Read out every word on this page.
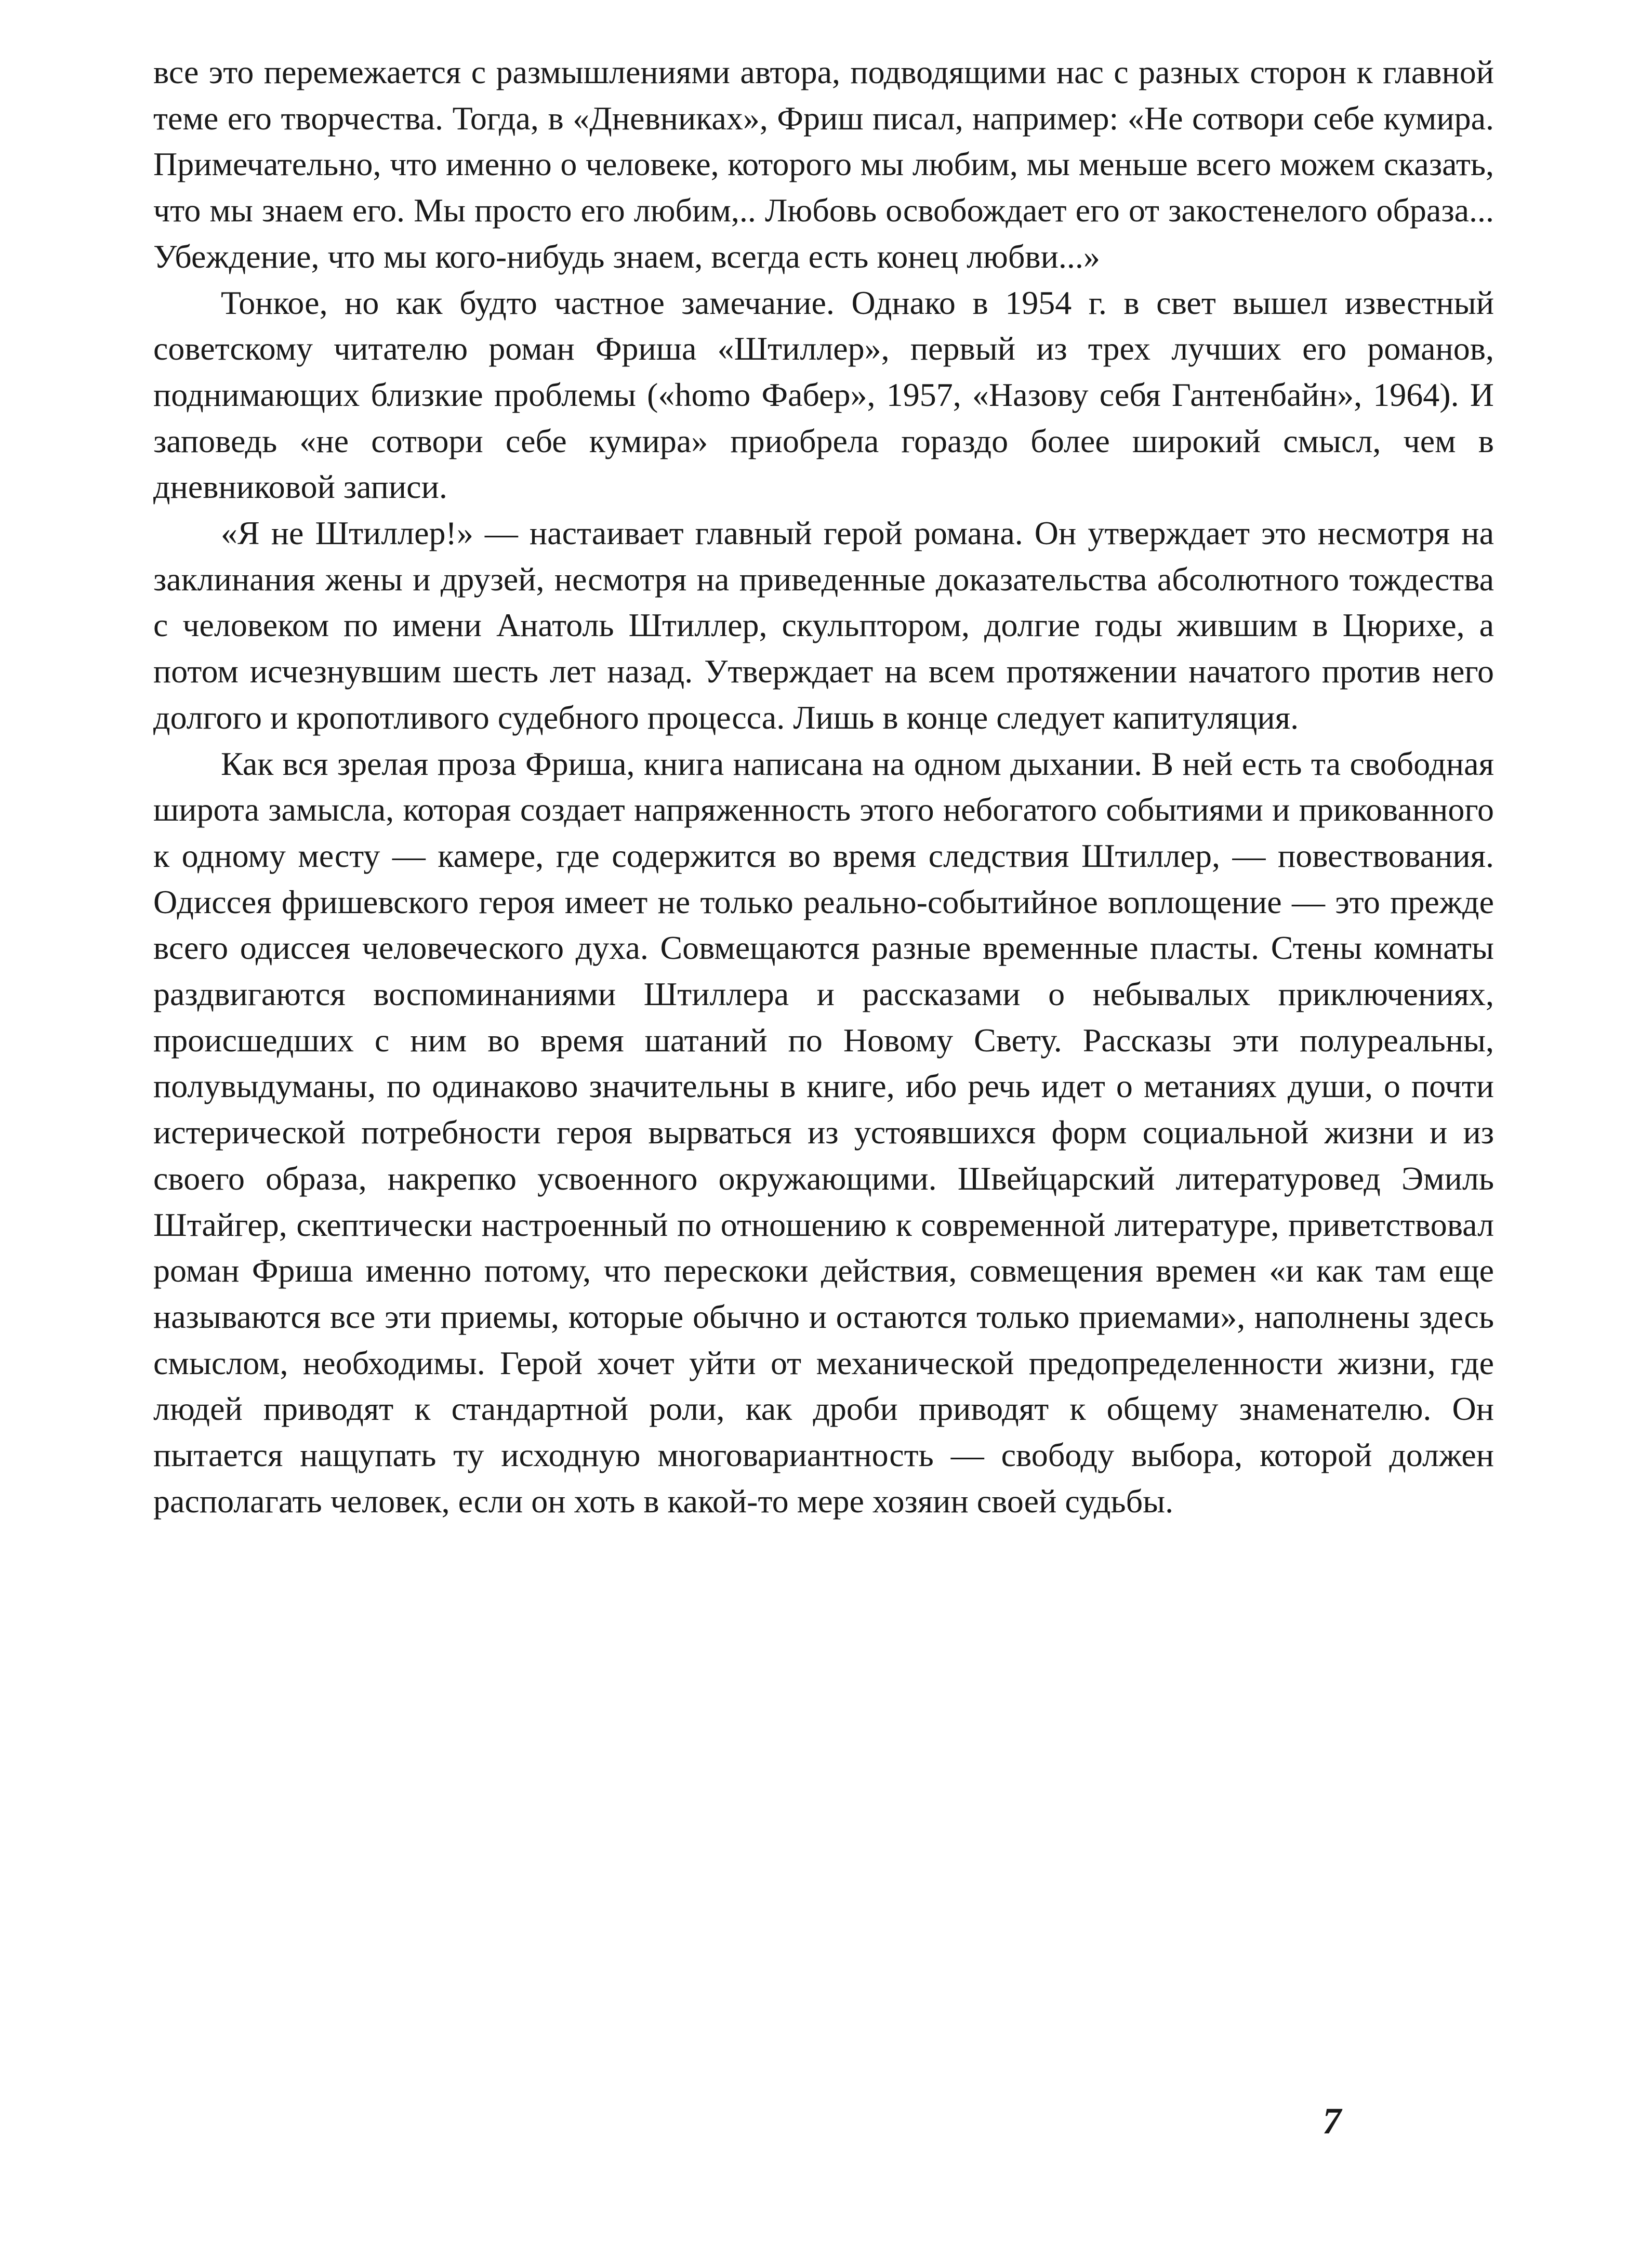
все это перемежается с размышлениями автора, подводящими нас с разных сторон к главной теме его творчества. Тогда, в «Дневниках», Фриш писал, например: «Не сотвори себе кумира. Примечательно, что именно о человеке, которого мы любим, мы меньше всего можем сказать, что мы знаем его. Мы просто его любим,.. Любовь освобождает его от закостенелого образа... Убеждение, что мы кого-нибудь знаем, всегда есть конец любви...»

Тонкое, но как будто частное замечание. Однако в 1954 г. в свет вышел известный советскому читателю роман Фриша «Штиллер», первый из трех лучших его романов, поднимающих близкие проблемы («homo Фабер», 1957, «Назову себя Гантенбайн», 1964). И заповедь «не сотвори себе кумира» приобрела гораздо более широкий смысл, чем в дневниковой записи.

«Я не Штиллер!» — настаивает главный герой романа. Он утверждает это несмотря на заклинания жены и друзей, несмотря на приведенные доказательства абсолютного тождества с человеком по имени Анатоль Штиллер, скульптором, долгие годы жившим в Цюрихе, а потом исчезнувшим шесть лет назад. Утверждает на всем протяжении начатого против него долгого и кропотливого судебного процесса. Лишь в конце следует капитуляция.

Как вся зрелая проза Фриша, книга написана на одном дыхании. В ней есть та свободная широта замысла, которая создает напряженность этого небогатого событиями и прикованного к одному месту — камере, где содержится во время следствия Штиллер, — повествования. Одиссея фришевского героя имеет не только реально-событийное воплощение — это прежде всего одиссея человеческого духа. Совмещаются разные временные пласты. Стены комнаты раздвигаются воспоминаниями Штиллера и рассказами о небывалых приключениях, происшедших с ним во время шатаний по Новому Свету. Рассказы эти полуреальны, полувыдуманы, по одинаково значительны в книге, ибо речь идет о метаниях души, о почти истерической потребности героя вырваться из устоявшихся форм социальной жизни и из своего образа, накрепко усвоенного окружающими. Швейцарский литературовед Эмиль Штайгер, скептически настроенный по отношению к современной литературе, приветствовал роман Фриша именно потому, что перескоки действия, совмещения времен «и как там еще называются все эти приемы, которые обычно и остаются только приемами», наполнены здесь смыслом, необходимы. Герой хочет уйти от механической предопределенности жизни, где людей приводят к стандартной роли, как дроби приводят к общему знаменателю. Он пытается нащупать ту исходную многовариантность — свободу выбора, которой должен располагать человек, если он хоть в какой-то мере хозяин своей судьбы.

7
